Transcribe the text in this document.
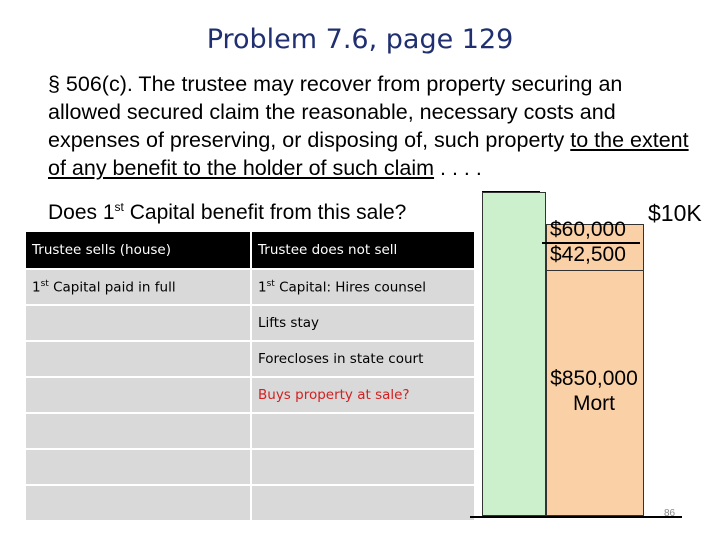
Problem 7.6, page 129
§ 506(c). The trustee may recover from property securing an allowed secured claim the reasonable, necessary costs and expenses of preserving, or disposing of, such property to the extent of any benefit to the holder of such claim . . . .
Does 1st Capital benefit from this sale?
Trustee sells (house)	Trustee does not sell
1st Capital paid in full	1st Capital: Hires counsel
	Lifts stay
	Forecloses in state court
	Buys property at sale?

$60,000
$10K
$42,500
$850,000
Mort
86
